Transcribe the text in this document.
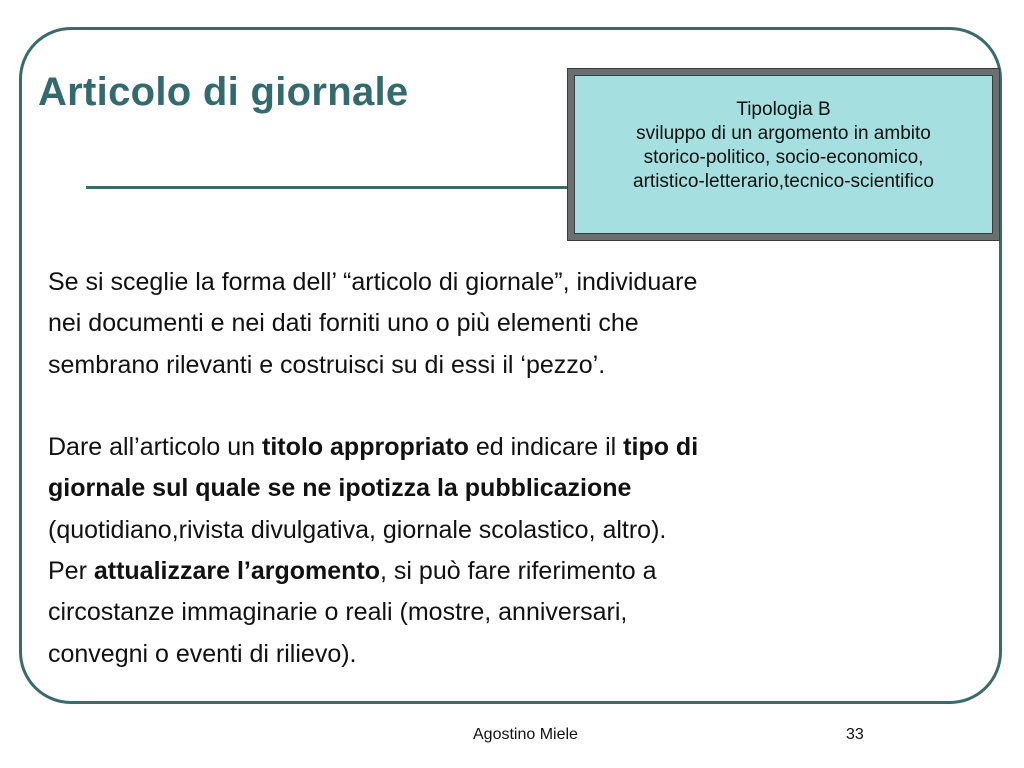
Articolo di giornale	Tipologia B
sviluppo di un argomento in ambito
storico-politico, socio-economico,
artistico-letterario,tecnico-scientifico

Se si sceglie la forma dell’ “articolo di giornale”, individuare

nei documenti e nei dati forniti uno o più elementi che

sembrano rilevanti e costruisci su di essi il ‘pezzo’.

Dare all’articolo un titolo appropriato ed indicare il tipo di

giornale sul quale se ne ipotizza la pubblicazione

(quotidiano,rivista divulgativa, giornale scolastico, altro).

Per attualizzare l’argomento, si può fare riferimento a

circostanze immaginarie o reali (mostre, anniversari,

convegni o eventi di rilievo).

Agostino Miele	33
